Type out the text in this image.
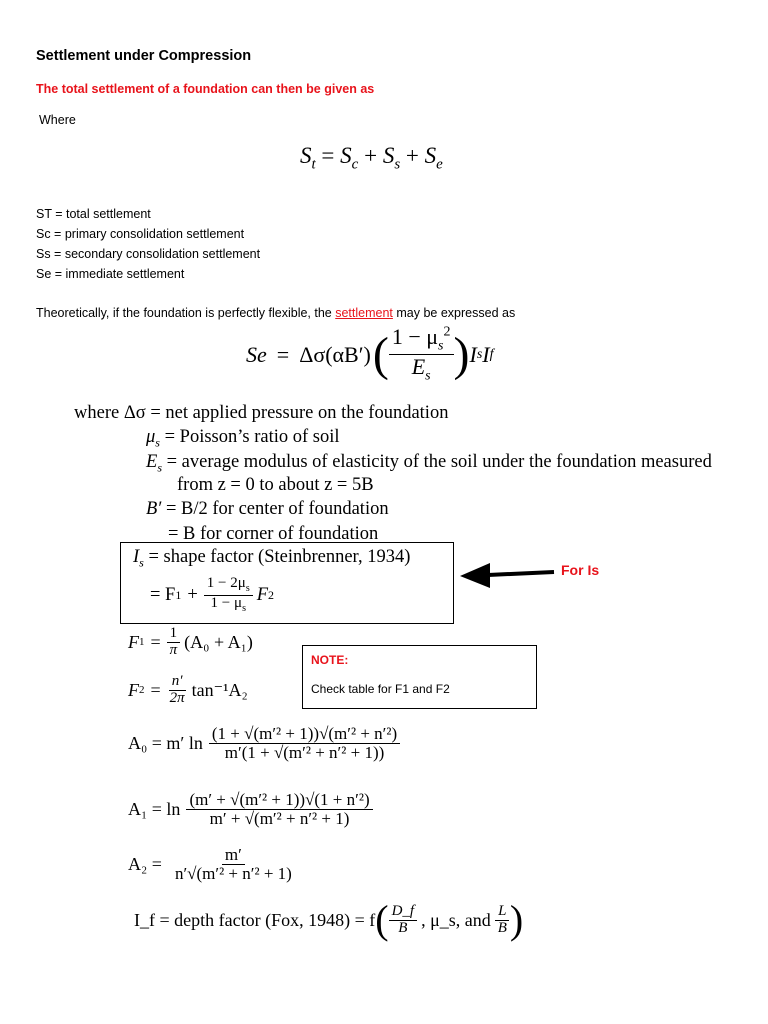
Settlement under Compression
The total settlement of a foundation can then be given as
Where
$S_t = S_c + S_s + S_e$
ST = total settlement
Sc = primary consolidation settlement
Ss = secondary consolidation settlement
Se = immediate settlement
Theoretically, if the foundation is perfectly flexible, the settlement may be expressed as
Se = Δσ(αB′) ( $\frac{1 - \mu_s^2}{E_s}$ ) I s I f
where Δσ = net applied pressure on the foundation
$\mu_s$ = Poisson’s ratio of soil
$E_s$ = average modulus of elasticity of the soil under the foundation measured
from z = 0 to about z = 5B
B′ = B/2 for center of foundation
= B for corner of foundation
$I_s$ = shape factor (Steinbrenner, 1934)
= F $1 + \frac{1 - 2\mu_s}{1 - \mu_s}$ F 2
For Is
NOTE:
Check table for F1 and F2
F $1 = \frac{1}{\pi} (A_0 + A_1)$
F $2 = \frac{n'}{2\pi} \tan^{-1}A_2$
A₀ = m′ $\ln \frac{\text{(1 + √(m′² + 1))√(m′² + n′²)}}{\text{m′(1 + √(m′² + n′² + 1))}}$
$A_1 = \ln \frac{\text{(m′ + √(m′² + 1))√(1 + n′²)}}{\text{m′ + √(m′² + n′² + 1)}}$
$A_2 = \frac{m'}{\text{n′√(m′² + n′² + 1)}}$
I_f = depth factor (Fox, 1948) = f ( $\frac{D\_f}{B}$ , μ_s, and $\frac{L}{B}$ )
